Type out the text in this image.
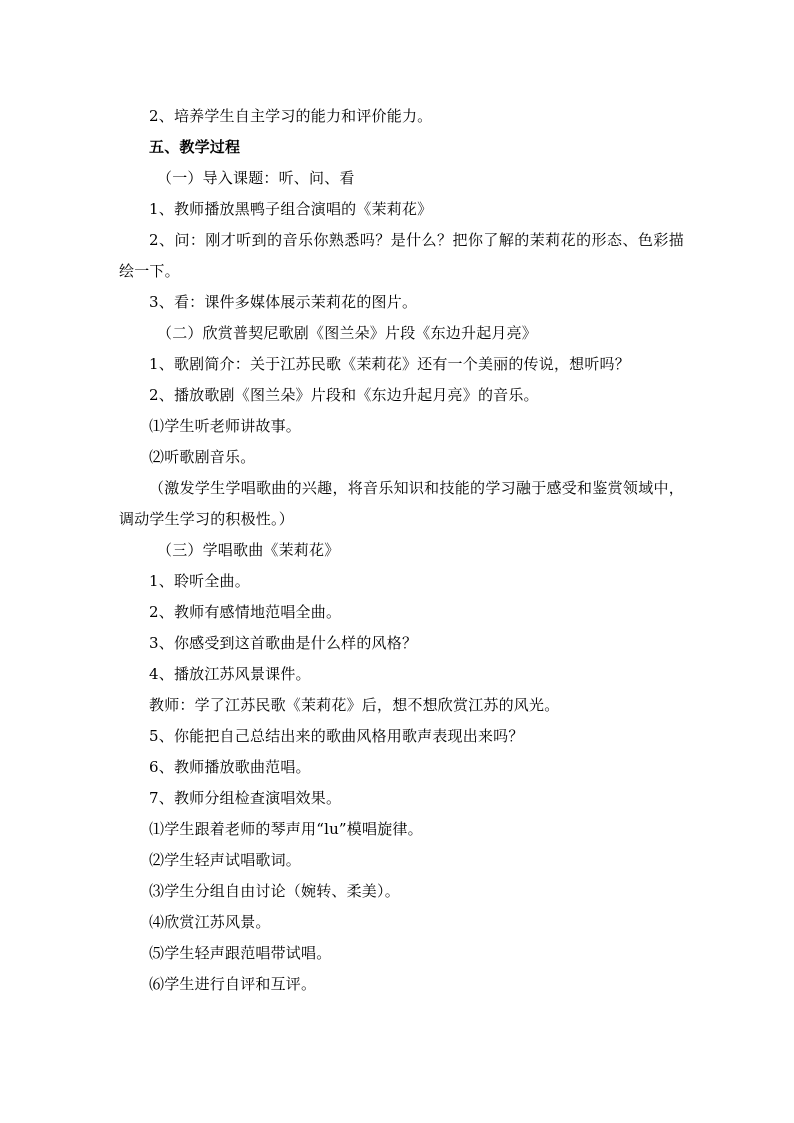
2、培养学生自主学习的能力和评价能力。
五、教学过程
（一）导入课题：听、问、看
1、教师播放黑鸭子组合演唱的《茉莉花》
2、问：刚才听到的音乐你熟悉吗？是什么？把你了解的茉莉花的形态、色彩描绘一下。
3、看：课件多媒体展示茉莉花的图片。
（二）欣赏普契尼歌剧《图兰朵》片段《东边升起月亮》
1、歌剧简介：关于江苏民歌《茉莉花》还有一个美丽的传说，想听吗？
2、播放歌剧《图兰朵》片段和《东边升起月亮》的音乐。
⑴学生听老师讲故事。
⑵听歌剧音乐。
（激发学生学唱歌曲的兴趣，将音乐知识和技能的学习融于感受和鉴赏领域中，调动学生学习的积极性。）
（三）学唱歌曲《茉莉花》
1、聆听全曲。
2、教师有感情地范唱全曲。
3、你感受到这首歌曲是什么样的风格？
4、播放江苏风景课件。
教师：学了江苏民歌《茉莉花》后，想不想欣赏江苏的风光。
5、你能把自己总结出来的歌曲风格用歌声表现出来吗？
6、教师播放歌曲范唱。
7、教师分组检查演唱效果。
⑴学生跟着老师的琴声用“lu”模唱旋律。
⑵学生轻声试唱歌词。
⑶学生分组自由讨论（婉转、柔美）。
⑷欣赏江苏风景。
⑸学生轻声跟范唱带试唱。
⑹学生进行自评和互评。
